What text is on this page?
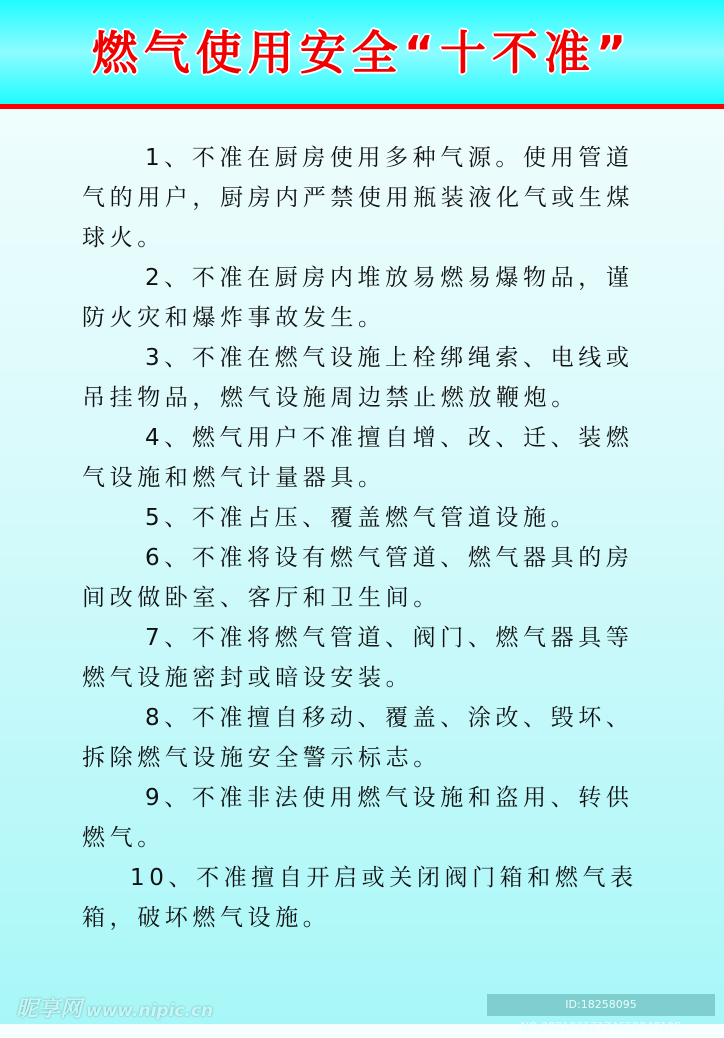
燃气使用安全“十不准”
1、不准在厨房使用多种气源。使用管道
气的用户，厨房内严禁使用瓶装液化气或生煤
球火。
2、不准在厨房内堆放易燃易爆物品，谨
防火灾和爆炸事故发生。
3、不准在燃气设施上栓绑绳索、电线或
吊挂物品，燃气设施周边禁止燃放鞭炮。
4、燃气用户不准擅自增、改、迁、装燃
气设施和燃气计量器具。
5、不准占压、覆盖燃气管道设施。
6、不准将设有燃气管道、燃气器具的房
间改做卧室、客厅和卫生间。
7、不准将燃气管道、阀门、燃气器具等
燃气设施密封或暗设安装。
8、不准擅自移动、覆盖、涂改、毁坏、
拆除燃气设施安全警示标志。
9、不准非法使用燃气设施和盗用、转供
燃气。
10、不准擅自开启或关闭阀门箱和燃气表
箱，破坏燃气设施。
昵享网 www.nipic.cn	ID:18258095 NO:20210617174659040108
